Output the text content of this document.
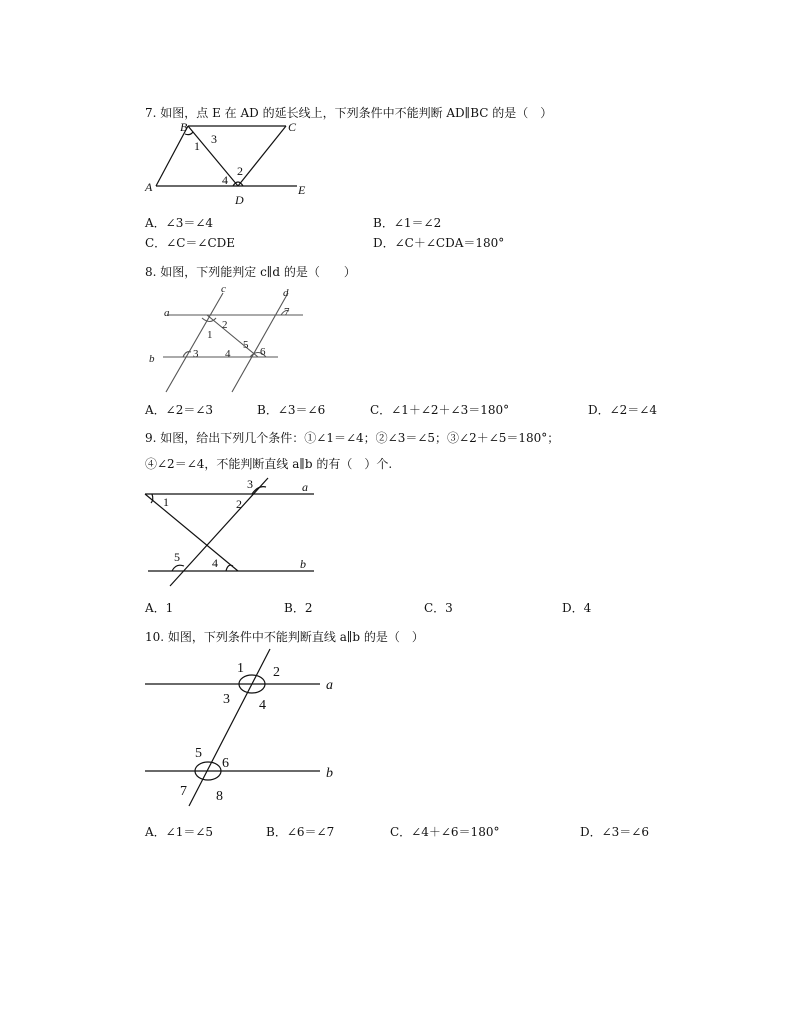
7. 如图，点 E 在 AD 的延长线上，下列条件中不能判断 AD∥BC 的是（　）
B	C
A
D
E
1
2
3
4
A．∠3＝∠4	B．∠1＝∠2
C．∠C＝∠CDE	D．∠C＋∠CDA＝180°
8. 如图，下列能判定 c∥d 的是（　　）
a
b
c	d
1
2
3 4
5
6
7
A．∠2＝∠3	B．∠3＝∠6	C．∠1＋∠2＋∠3＝180°	D．∠2＝∠4
9. 如图，给出下列几个条件：①∠1＝∠4；②∠3＝∠5；③∠2＋∠5＝180°；
④∠2＝∠4，不能判断直线 a∥b 的有（　）个.
a
b
1	2
3
4
5
A．1	B．2	C．3	D．4
10. 如图，下列条件中不能判断直线 a∥b 的是（　）
a
b
1 2
3 4
5
6
7 8
A．∠1＝∠5	B．∠6＝∠7	C．∠4＋∠6＝180°	D．∠3＝∠6
